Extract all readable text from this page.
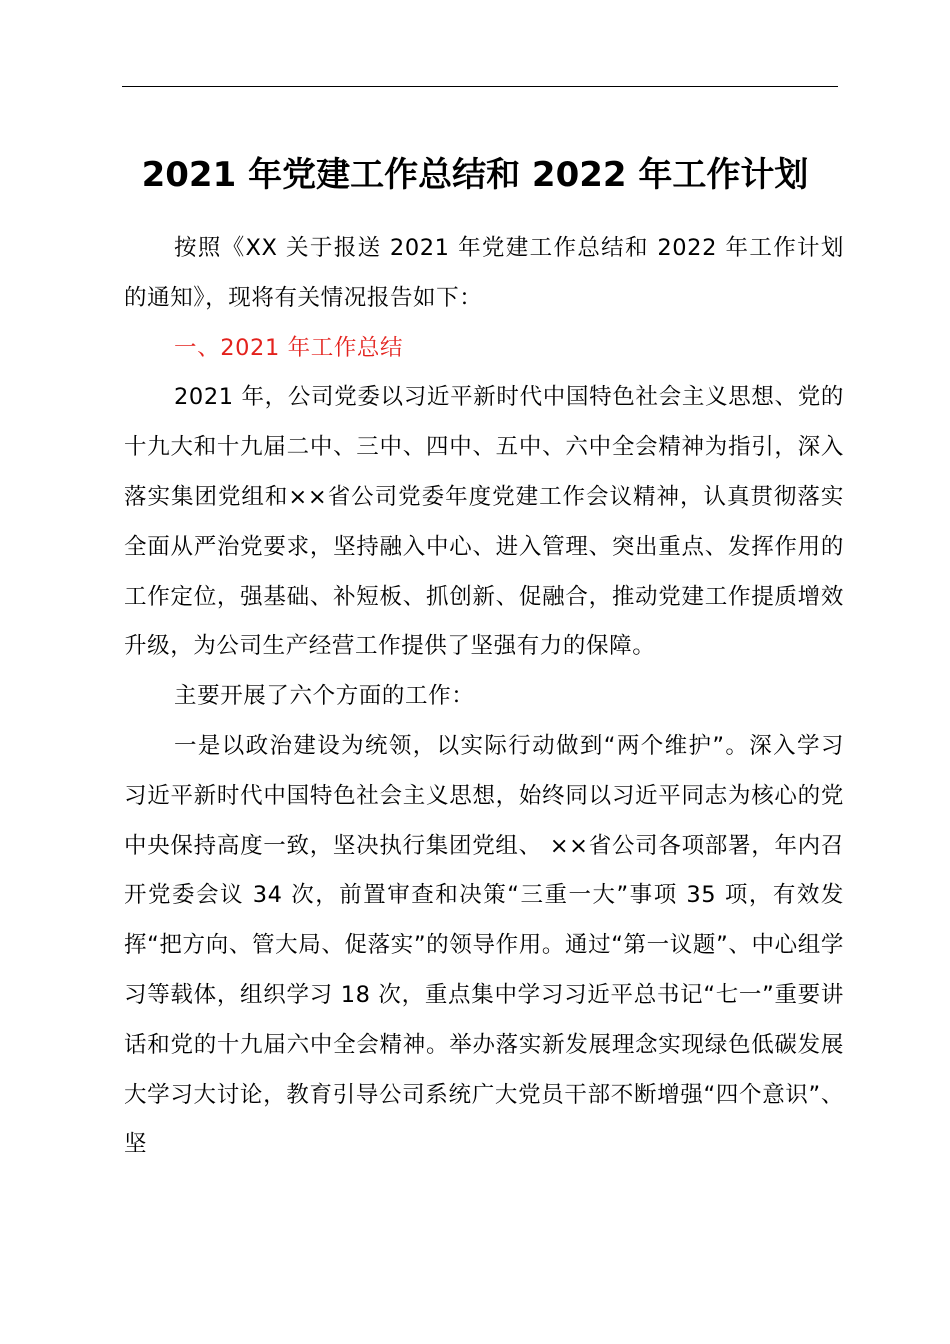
2021 年党建工作总结和 2022 年工作计划

按照《XX 关于报送 2021 年党建工作总结和 2022 年工作计划的通知》，现将有关情况报告如下：

一、2021 年工作总结

2021 年，公司党委以习近平新时代中国特色社会主义思想、党的十九大和十九届二中、三中、四中、五中、六中全会精神为指引，深入落实集团党组和××省公司党委年度党建工作会议精神，认真贯彻落实全面从严治党要求，坚持融入中心、进入管理、突出重点、发挥作用的工作定位，强基础、补短板、抓创新、促融合，推动党建工作提质增效升级，为公司生产经营工作提供了坚强有力的保障。

主要开展了六个方面的工作：

一是以政治建设为统领，以实际行动做到“两个维护”。深入学习习近平新时代中国特色社会主义思想，始终同以习近平同志为核心的党中央保持高度一致，坚决执行集团党组、 ××省公司各项部署，年内召开党委会议 34 次，前置审查和决策“三重一大”事项 35 项，有效发挥“把方向、管大局、促落实”的领导作用。通过“第一议题”、中心组学习等载体，组织学习 18 次，重点集中学习习近平总书记“七一”重要讲话和党的十九届六中全会精神。举办落实新发展理念实现绿色低碳发展大学习大讨论，教育引导公司系统广大党员干部不断增强“四个意识”、坚
